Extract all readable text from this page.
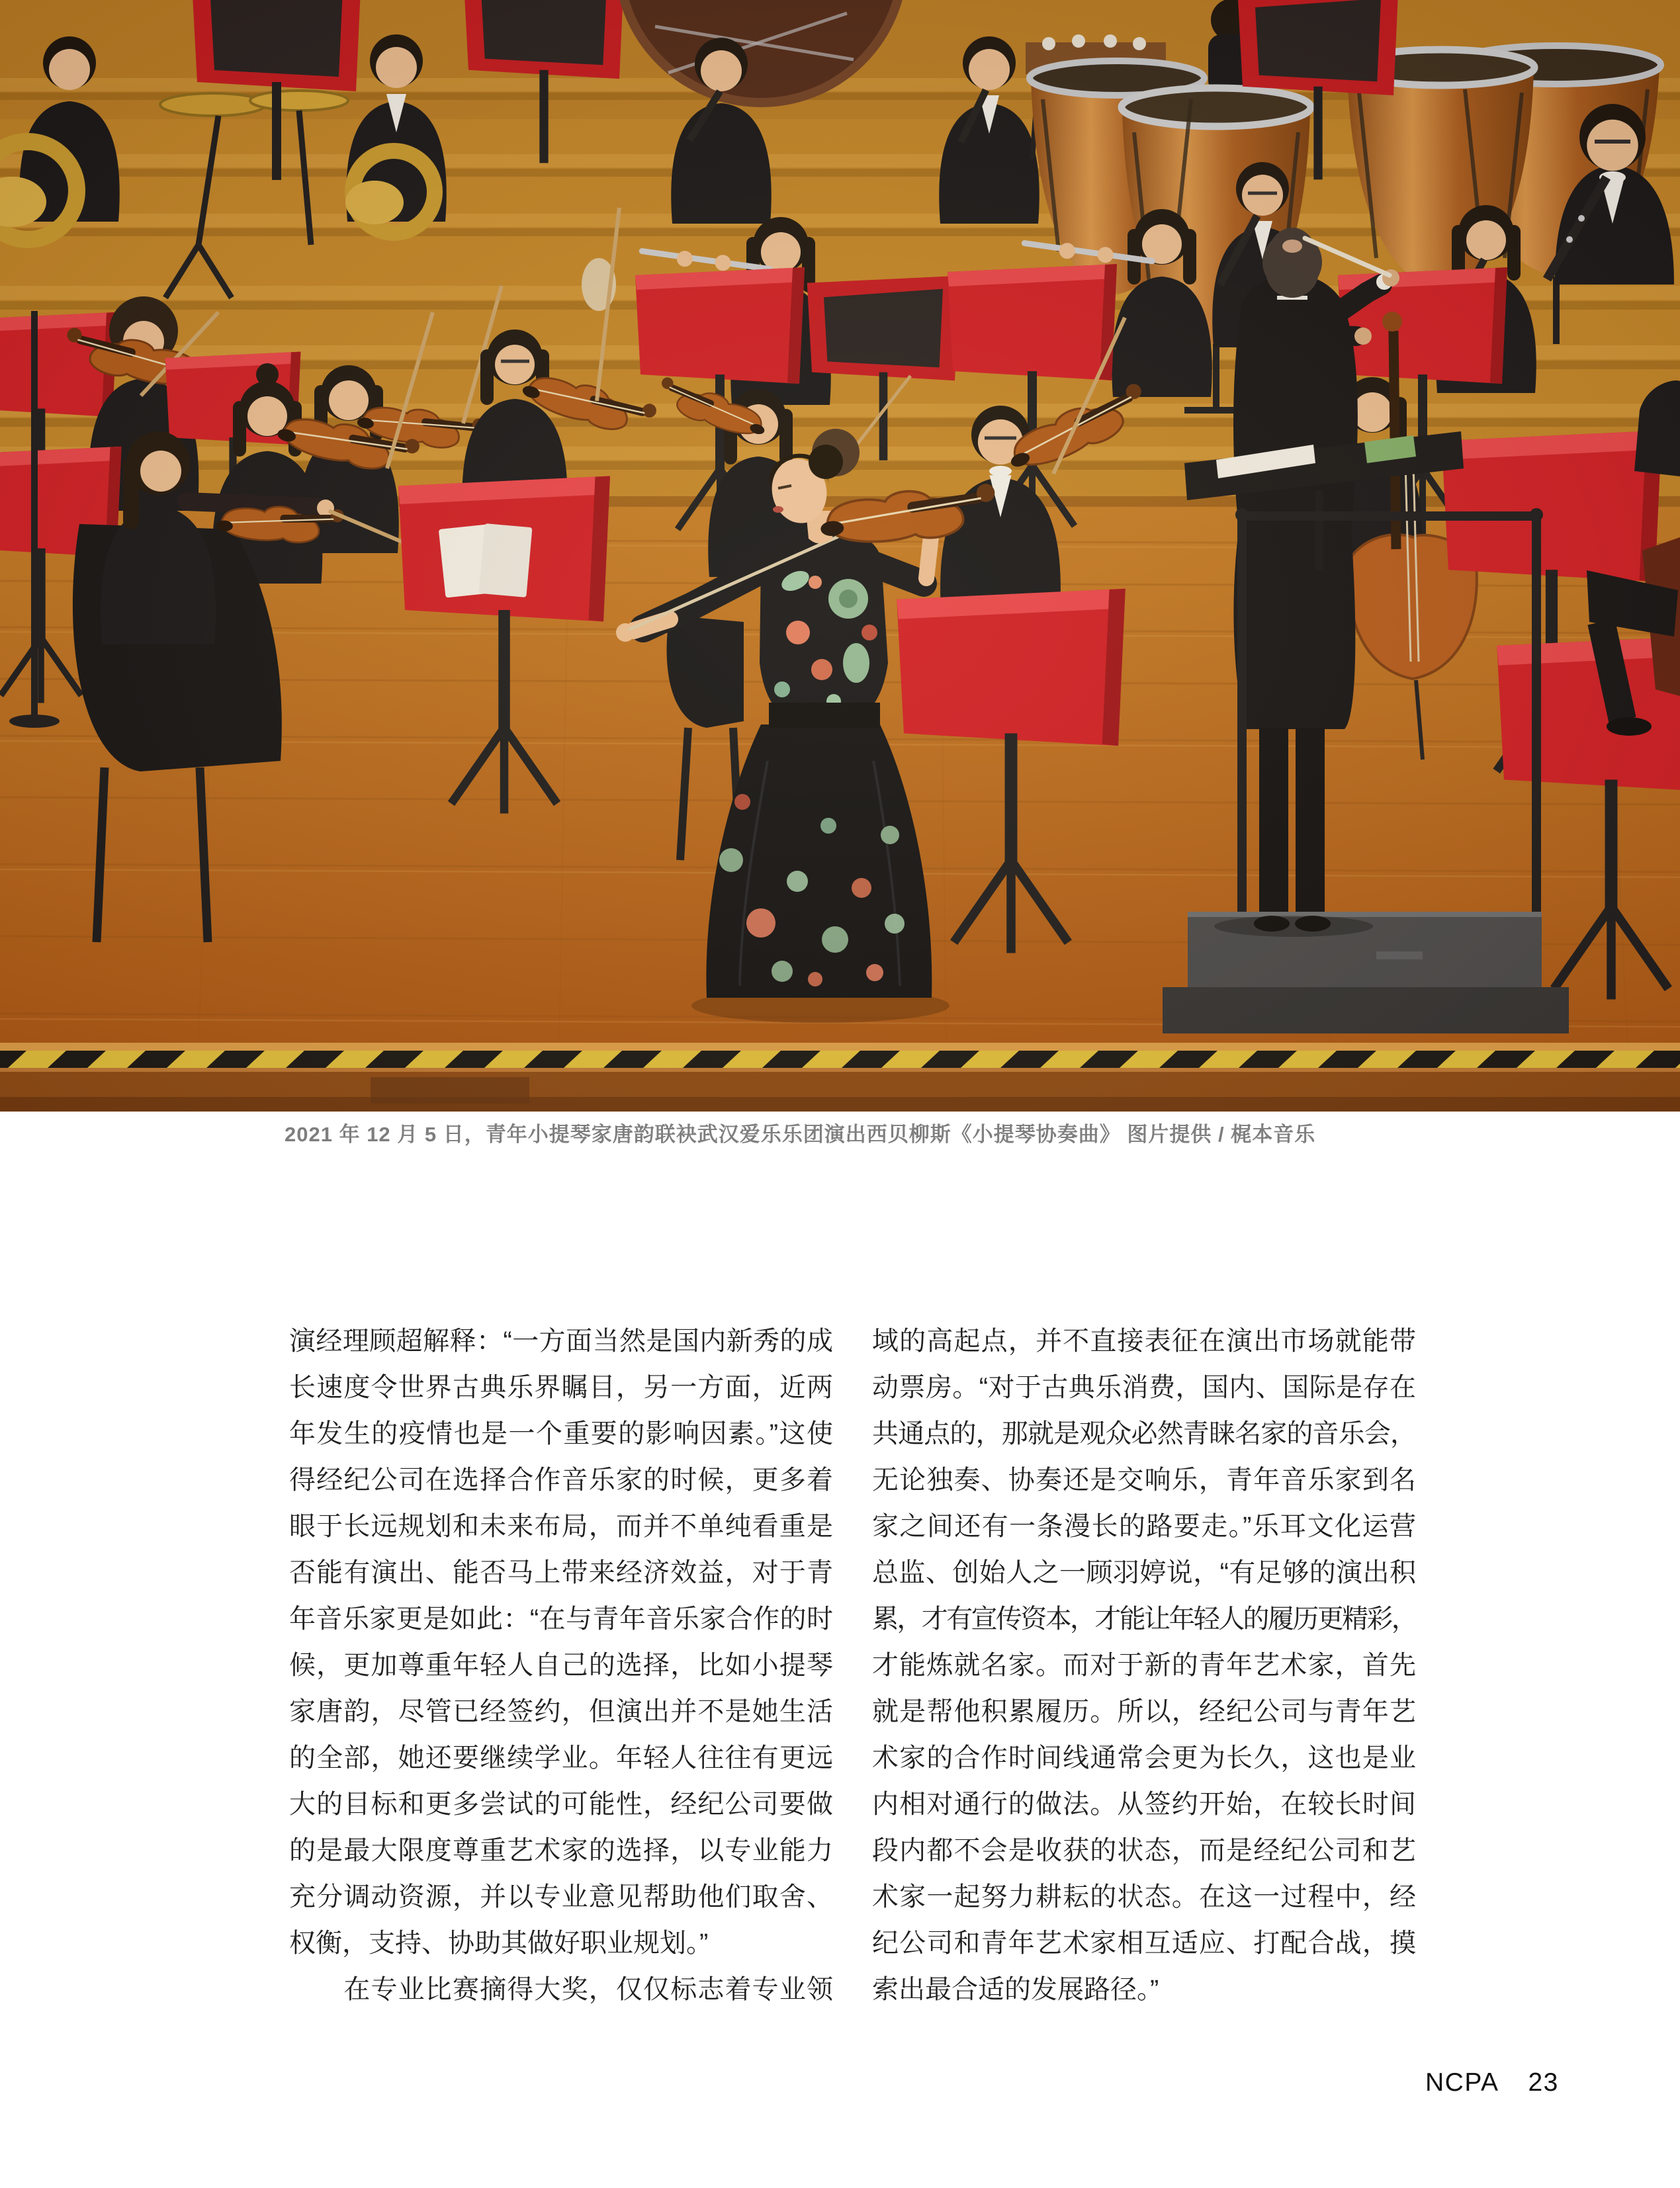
2021 年 12 月 5 日，青年小提琴家唐韵联袂武汉爱乐乐团演出西贝柳斯《小提琴协奏曲》 图片提供 / 梶本音乐
演经理顾超解释：“一方面当然是国内新秀的成
长速度令世界古典乐界瞩目，另一方面，近两
年发生的疫情也是一个重要的影响因素。”这使
得经纪公司在选择合作音乐家的时候，更多着
眼于长远规划和未来布局，而并不单纯看重是
否能有演出、能否马上带来经济效益，对于青
年音乐家更是如此：“在与青年音乐家合作的时
候，更加尊重年轻人自己的选择，比如小提琴
家唐韵，尽管已经签约，但演出并不是她生活
的全部，她还要继续学业。年轻人往往有更远
大的目标和更多尝试的可能性，经纪公司要做
的是最大限度尊重艺术家的选择，以专业能力
充分调动资源，并以专业意见帮助他们取舍、
权衡，支持、协助其做好职业规划。”
　　在专业比赛摘得大奖，仅仅标志着专业领
域的高起点，并不直接表征在演出市场就能带
动票房。“对于古典乐消费，国内、国际是存在
共通点的，那就是观众必然青睐名家的音乐会，
无论独奏、协奏还是交响乐，青年音乐家到名
家之间还有一条漫长的路要走。”乐耳文化运营
总监、创始人之一顾羽婷说，“有足够的演出积
累，才有宣传资本，才能让年轻人的履历更精彩，
才能炼就名家。而对于新的青年艺术家，首先
就是帮他积累履历。所以，经纪公司与青年艺
术家的合作时间线通常会更为长久，这也是业
内相对通行的做法。从签约开始，在较长时间
段内都不会是收获的状态，而是经纪公司和艺
术家一起努力耕耘的状态。在这一过程中，经
纪公司和青年艺术家相互适应、打配合战，摸
索出最合适的发展路径。”
NCPA 23
